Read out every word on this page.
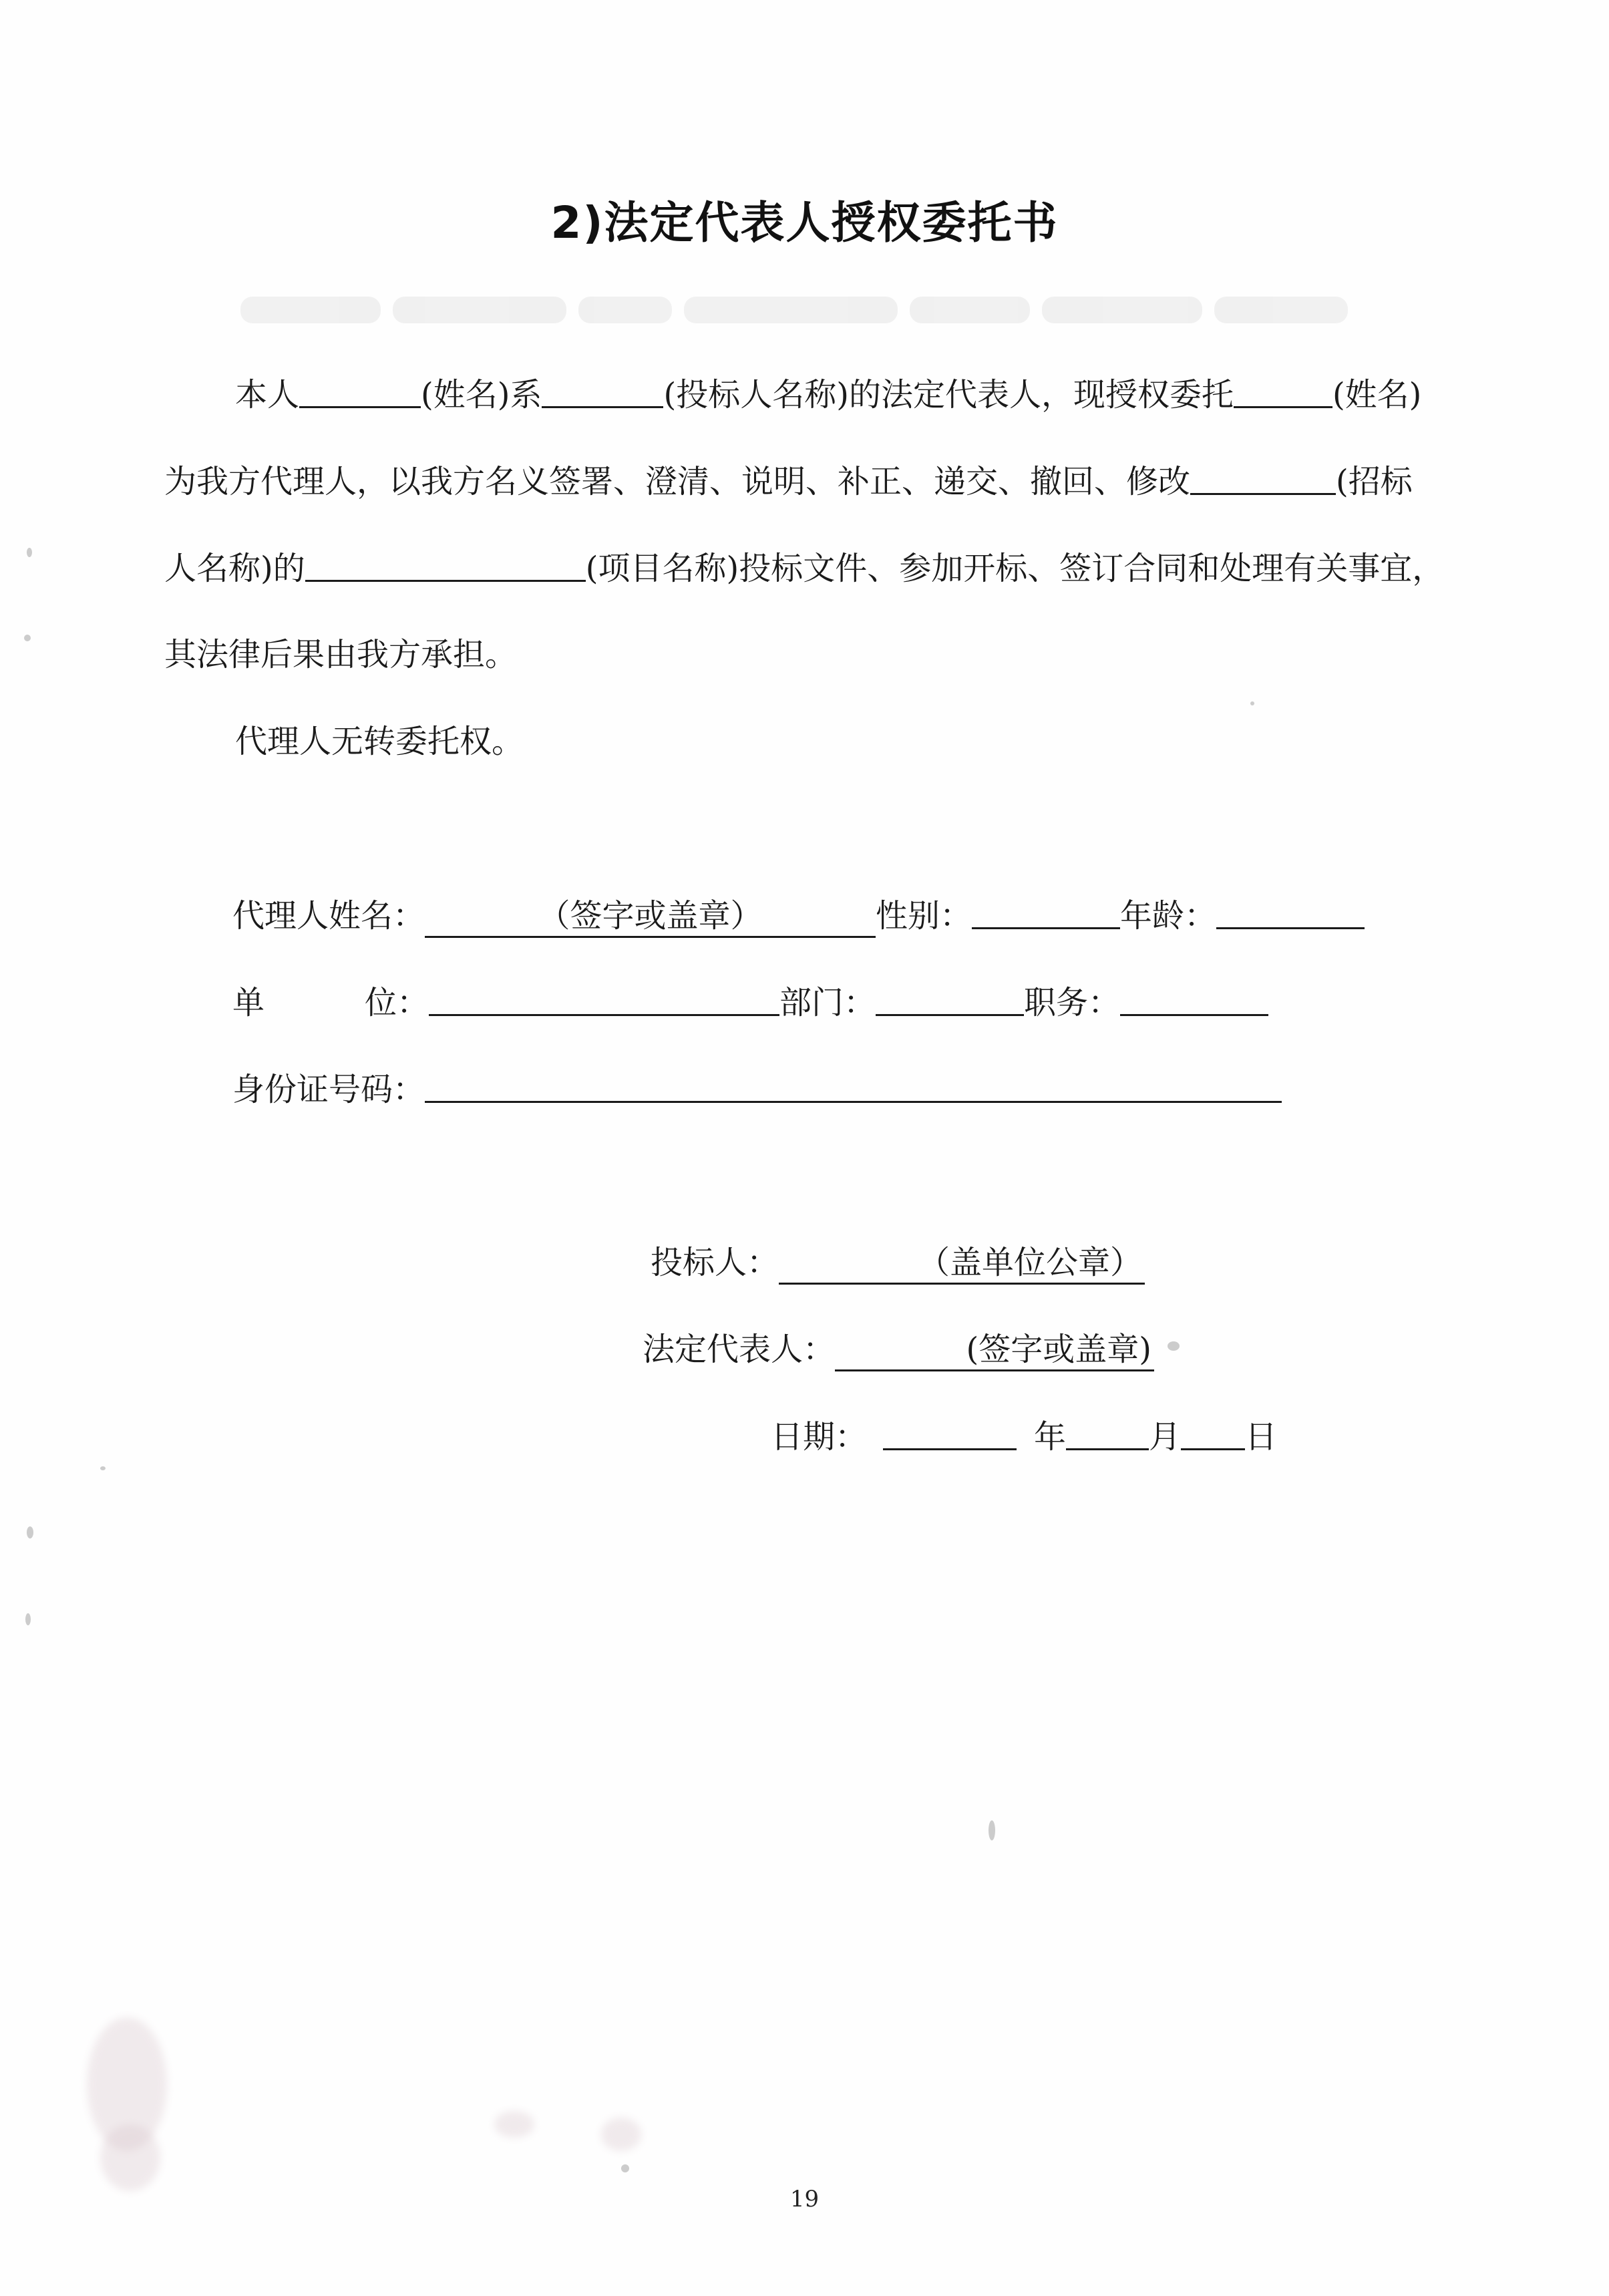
2)法定代表人授权委托书
本人	(姓名)系	(投标人名称)的法定代表人，现授权委托	(姓名)
为我方代理人，以我方名义签署、澄清、说明、补正、递交、撤回、修改	(招标
人名称)的	(项目名称)投标文件、参加开标、签订合同和处理有关事宜，
其法律后果由我方承担。
代理人无转委托权。
代理人姓名：	（签字或盖章）	性别：	年龄：
单	位：	部门：	职务：
身份证号码：
投标人：	（盖单位公章）
法定代表人：	(签字或盖章)
日期：	年	月 日
19
